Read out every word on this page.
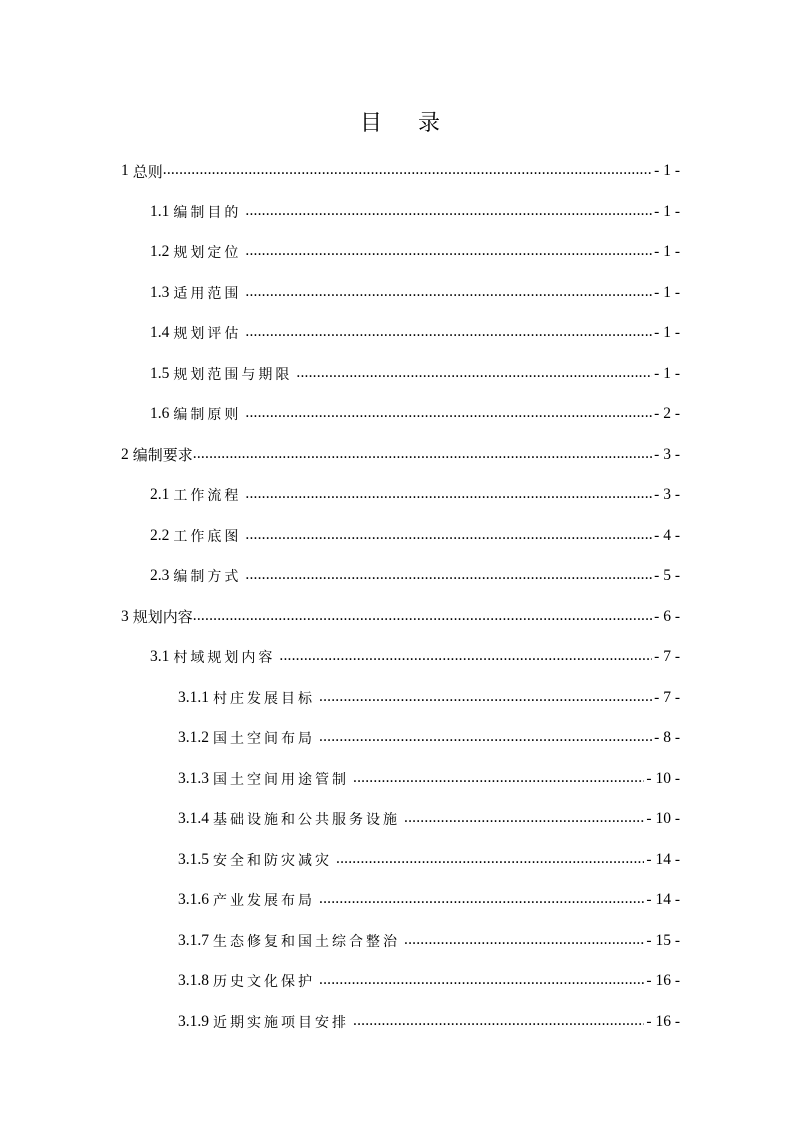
目 录
1 总则 .....	- 1 -
1.1 编制目的 .....	- 1 -
1.2 规划定位 .....	- 1 -
1.3 适用范围 .....	- 1 -
1.4 规划评估 .....	- 1 -
1.5 规划范围与期限 .....	- 1 -
1.6 编制原则 .....	- 2 -
2 编制要求 .....	- 3 -
2.1 工作流程 .....	- 3 -
2.2 工作底图 .....	- 4 -
2.3 编制方式 .....	- 5 -
3 规划内容 .....	- 6 -
3.1 村域规划内容 .....	- 7 -
3.1.1 村庄发展目标 .....	- 7 -
3.1.2 国土空间布局 .....	- 8 -
3.1.3 国土空间用途管制 .....	- 10 -
3.1.4 基础设施和公共服务设施 .....	- 10 -
3.1.5 安全和防灾减灾 .....	- 14 -
3.1.6 产业发展布局 .....	- 14 -
3.1.7 生态修复和国土综合整治 .....	- 15 -
3.1.8 历史文化保护 .....	- 16 -
3.1.9 近期实施项目安排 .....	- 16 -
